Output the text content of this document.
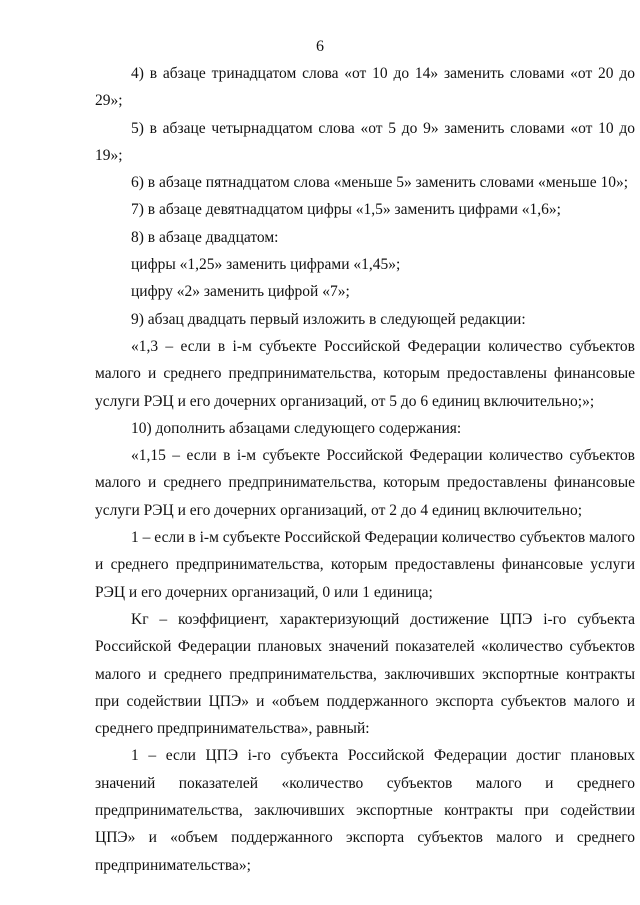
6

4) в абзаце тринадцатом слова «от 10 до 14» заменить словами «от 20 до 29»;

5) в абзаце четырнадцатом слова «от 5 до 9» заменить словами «от 10 до 19»;

6) в абзаце пятнадцатом слова «меньше 5» заменить словами «меньше 10»;

7) в абзаце девятнадцатом цифры «1,5» заменить цифрами «1,6»;

8) в абзаце двадцатом:

цифры «1,25» заменить цифрами «1,45»;

цифру «2» заменить цифрой «7»;

9) абзац двадцать первый изложить в следующей редакции:

«1,3 – если в i-м субъекте Российской Федерации количество субъектов малого и среднего предпринимательства, которым предоставлены финансовые услуги РЭЦ и его дочерних организаций, от 5 до 6 единиц включительно;»;

10) дополнить абзацами следующего содержания:

«1,15 – если в i-м субъекте Российской Федерации количество субъектов малого и среднего предпринимательства, которым предоставлены финансовые услуги РЭЦ и его дочерних организаций, от 2 до 4 единиц включительно;

1 – если в i-м субъекте Российской Федерации количество субъектов малого и среднего предпринимательства, которым предоставлены финансовые услуги РЭЦ и его дочерних организаций, 0 или 1 единица;

Kг – коэффициент, характеризующий достижение ЦПЭ i-го субъекта Российской Федерации плановых значений показателей «количество субъектов малого и среднего предпринимательства, заключивших экспортные контракты при содействии ЦПЭ» и «объем поддержанного экспорта субъектов малого и среднего предпринимательства», равный:

1 – если ЦПЭ i-го субъекта Российской Федерации достиг плановых значений показателей «количество субъектов малого и среднего предпринимательства, заключивших экспортные контракты при содействии ЦПЭ» и «объем поддержанного экспорта субъектов малого и среднего предпринимательства»;
